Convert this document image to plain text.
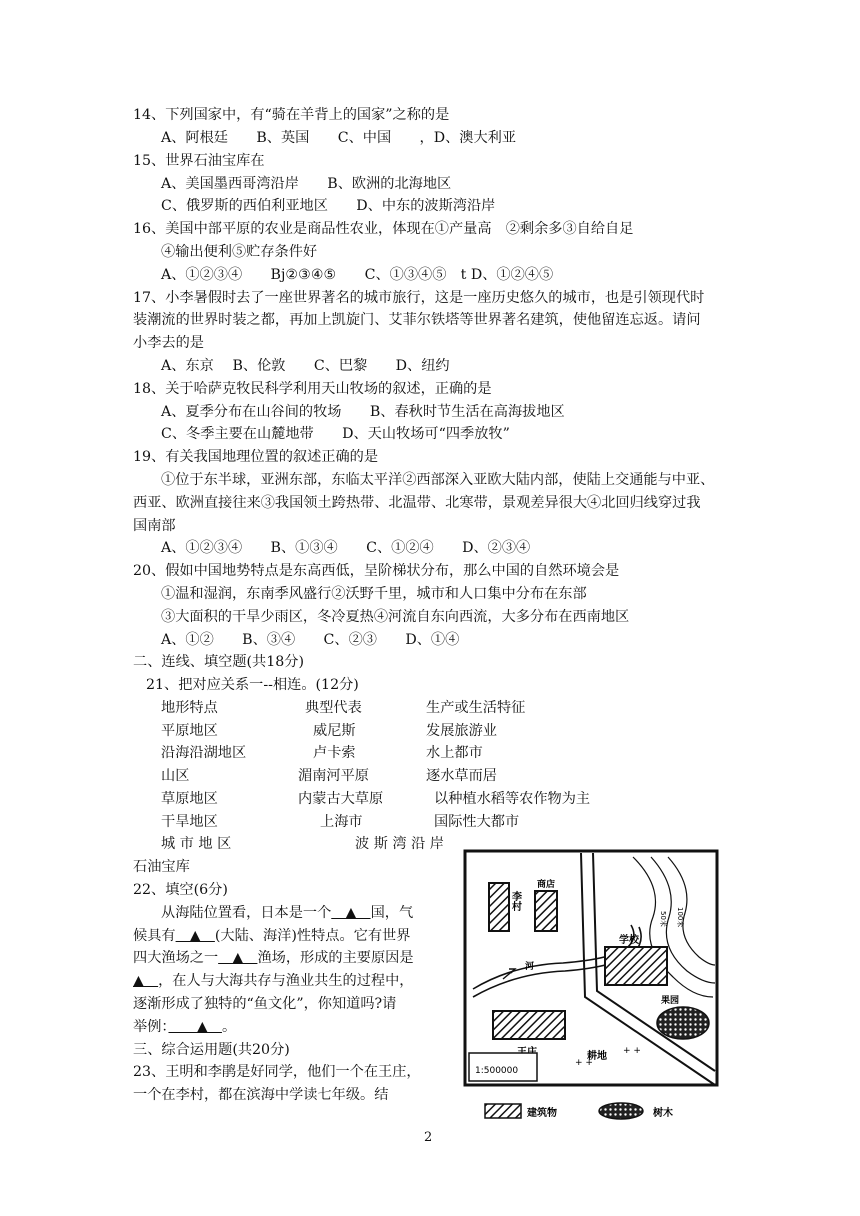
14、下列国家中，有“骑在羊背上的国家”之称的是
A、阿根廷　　B、英国　　C、中国　　，D、澳大利亚
15、世界石油宝库在
A、美国墨西哥湾沿岸　　B、欧洲的北海地区
C、俄罗斯的西伯利亚地区　　D、中东的波斯湾沿岸
16、美国中部平原的农业是商品性农业，体现在①产量高　②剩余多③自给自足
④输出便利⑤贮存条件好
A、①②③④　　Bj②③④⑤　　C、①③④⑤　t D、①②④⑤
17、小李暑假时去了一座世界著名的城市旅行，这是一座历史悠久的城市，也是引领现代时
装潮流的世界时装之都，再加上凯旋门、艾菲尔铁塔等世界著名建筑，使他留连忘返。请问
小李去的是
A、东京　 B、伦敦　　C、巴黎　　D、纽约
18、关于哈萨克牧民科学利用天山牧场的叙述，正确的是
A、夏季分布在山谷间的牧场　　B、春秋时节生活在高海拔地区
C、冬季主要在山麓地带　　D、天山牧场可“四季放牧”
19、有关我国地理位置的叙述正确的是
①位于东半球，亚洲东部，东临太平洋②西部深入亚欧大陆内部，使陆上交通能与中亚、
西亚、欧洲直接往来③我国领土跨热带、北温带、北寒带，景观差异很大④北回归线穿过我
国南部
A、①②③④　　B、①③④　　C、①②④　　D、②③④
20、假如中国地势特点是东高西低，呈阶梯状分布，那么中国的自然环境会是
①温和湿润，东南季风盛行②沃野千里，城市和人口集中分布在东部
③大面积的干旱少雨区，冬冷夏热④河流自东向西流，大多分布在西南地区
A、①②　　B、③④　　C、②③　　D、①④
二、连线、填空题(共18分)
21、把对应关系一--相连。(12分)
地形特点	典型代表	生产或生活特征
平原地区	威尼斯	发展旅游业
沿海沿湖地区	卢卡索	水上都市
山区	湄南河平原	逐水草而居
草原地区	内蒙古大草原	以种植水稻等农作物为主
干旱地区	上海市	国际性大都市
城 市 地 区	波 斯 湾 沿 岸
石油宝库
22、填空(6分)
从海陆位置看，日本是一个　▲　国，气
候具有　▲　(大陆、海洋)性特点。它有世界
四大渔场之一　▲　渔场，形成的主要原因是
▲　，在人与大海共存与渔业共生的过程中，
逐渐形成了独特的“鱼文化”，你知道吗?请
举例：　　▲　。
三、综合运用题(共20分)
23、王明和李鹃是好同学，他们一个在王庄，
一个在李村，都在滨海中学读七年级。结
50米 100米
李村
商店
学校
河
果园
耕地
+ +
+ +
1:500000
建筑物	树木
2
